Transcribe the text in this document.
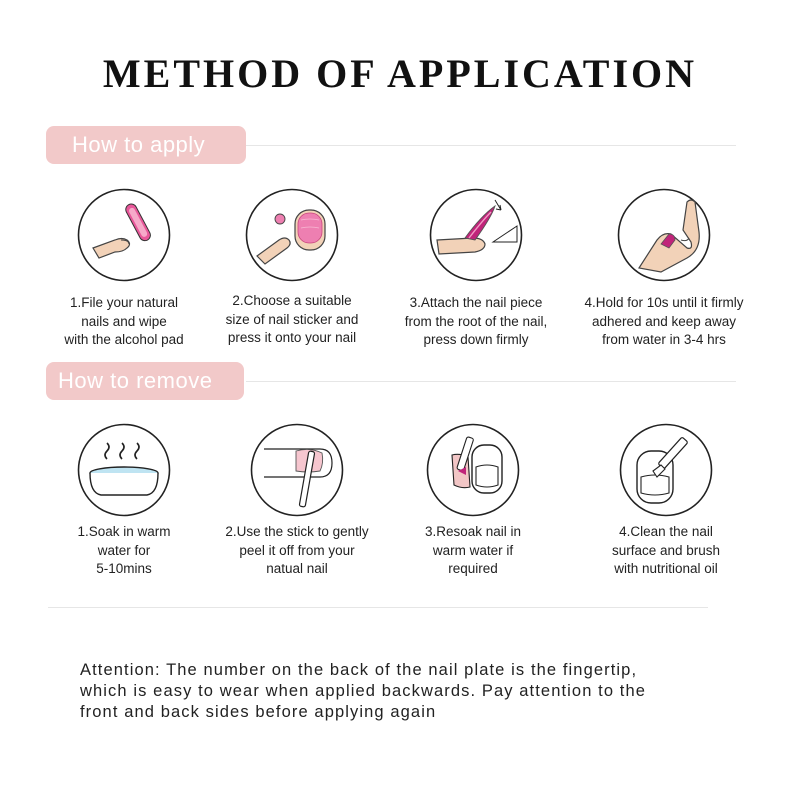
METHOD OF APPLICATION
How to apply
1.File your natural
nails and wipe
with the alcohol pad
2.Choose a suitable
size of nail sticker and
press it onto your nail
3.Attach the nail piece
from the root of the nail,
press down firmly
4.Hold for 10s until it firmly
adhered and keep away
from water in 3-4 hrs
How to remove
1.Soak in warm
water for
5-10mins
2.Use the stick to gently
peel it off from your
natual nail
3.Resoak nail in
warm water if
required
4.Clean the nail
surface and brush
with nutritional oil
Attention: The number on the back of the nail plate is the fingertip,
which is easy to wear when applied backwards. Pay attention to the
front and back sides before applying again
